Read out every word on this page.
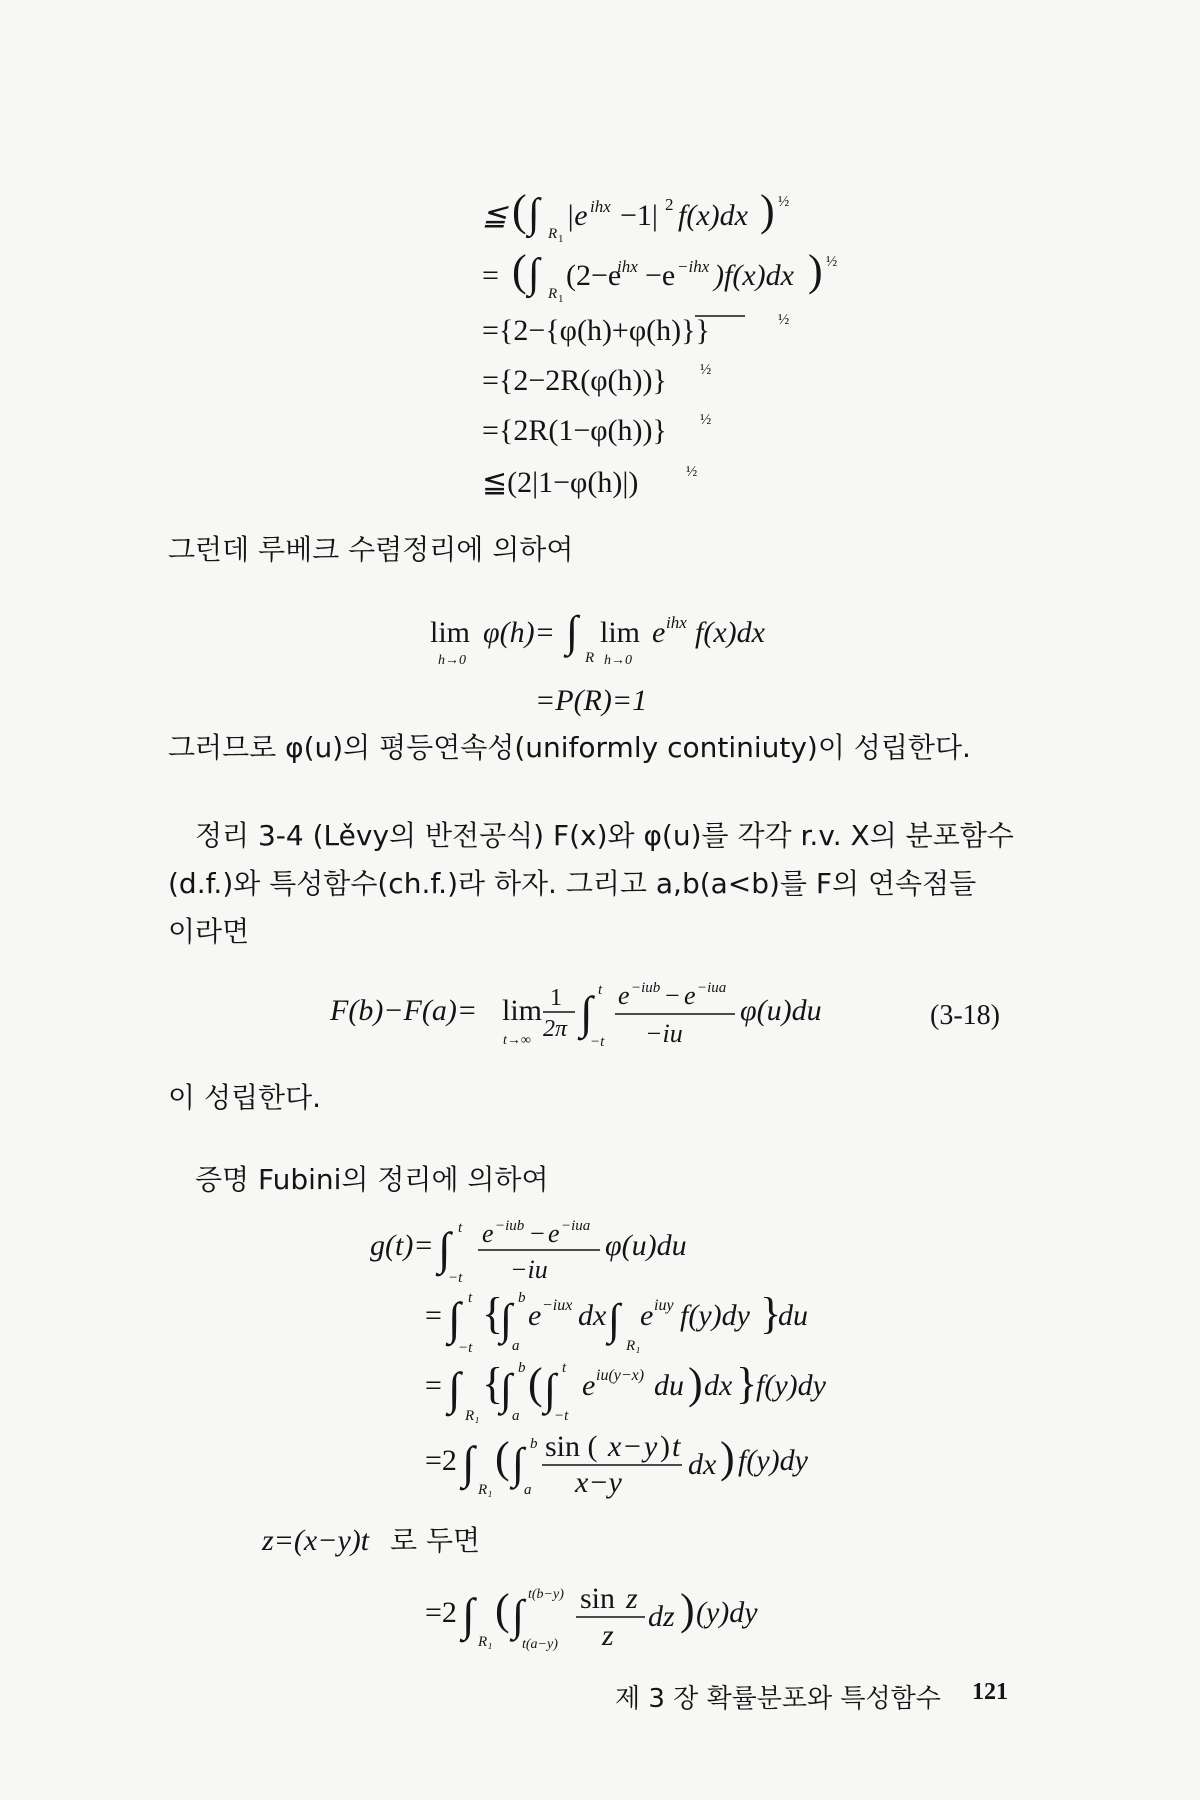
≦ ( ∫ R 1
|e ihx −1| 2 f(x)dx ) ½
= ( ∫ R 1
(2−e
ihx −e −ihx )f(x)dx ) ½
={2−{φ(h)+φ(h)}}	½
={2−2R(φ(h))} ½
={2R(1−φ(h))} ½
≦(2|1−φ(h)|)	½
그런데 루베크 수렴정리에 의하여
lim
h→0
φ(h)= ∫
R
lim
h→0
e ihx f(x)dx
=P(R)=1
그러므로 φ(u)의 평등연속성(uniformly continiuty)이 성립한다.
정리 3-4 (Lěvy의 반전공식) F(x)와 φ(u)를 각각 r.v. X의 분포함수
(d.f.)와 특성함수(ch.f.)라 하자. 그리고 a,b(a<b)를 F의 연속점들
이라면
F(b)−F(a)= lim
t→∞
1
2π ∫ t
−t
e −iub − e −iua
−iu
φ(u)du	(3-18)
이 성립한다.
증명 Fubini의 정리에 의하여
g(t)= ∫ t
−t
e −iub − e −iua
−iu
φ(u)du
= ∫ t
−t
{
∫ b
a
e −iux dx ∫
R₁
e iuy f(y)dy }
du
= ∫
R₁
{
∫ b
a
( ∫ t
−t
e iu(y−x) du ) dx }
f(y)dy
=2 ∫
R₁
( ∫ b
a
sin ( x − y ) t
x−y
dx ) f(y)dy
z=(x−y)t 로 두면
=2 ∫
R₁
( ∫ t(b−y)
t(a−y)
sin z
z
dz ) (y)dy
제 3 장 확률분포와 특성함수 121
